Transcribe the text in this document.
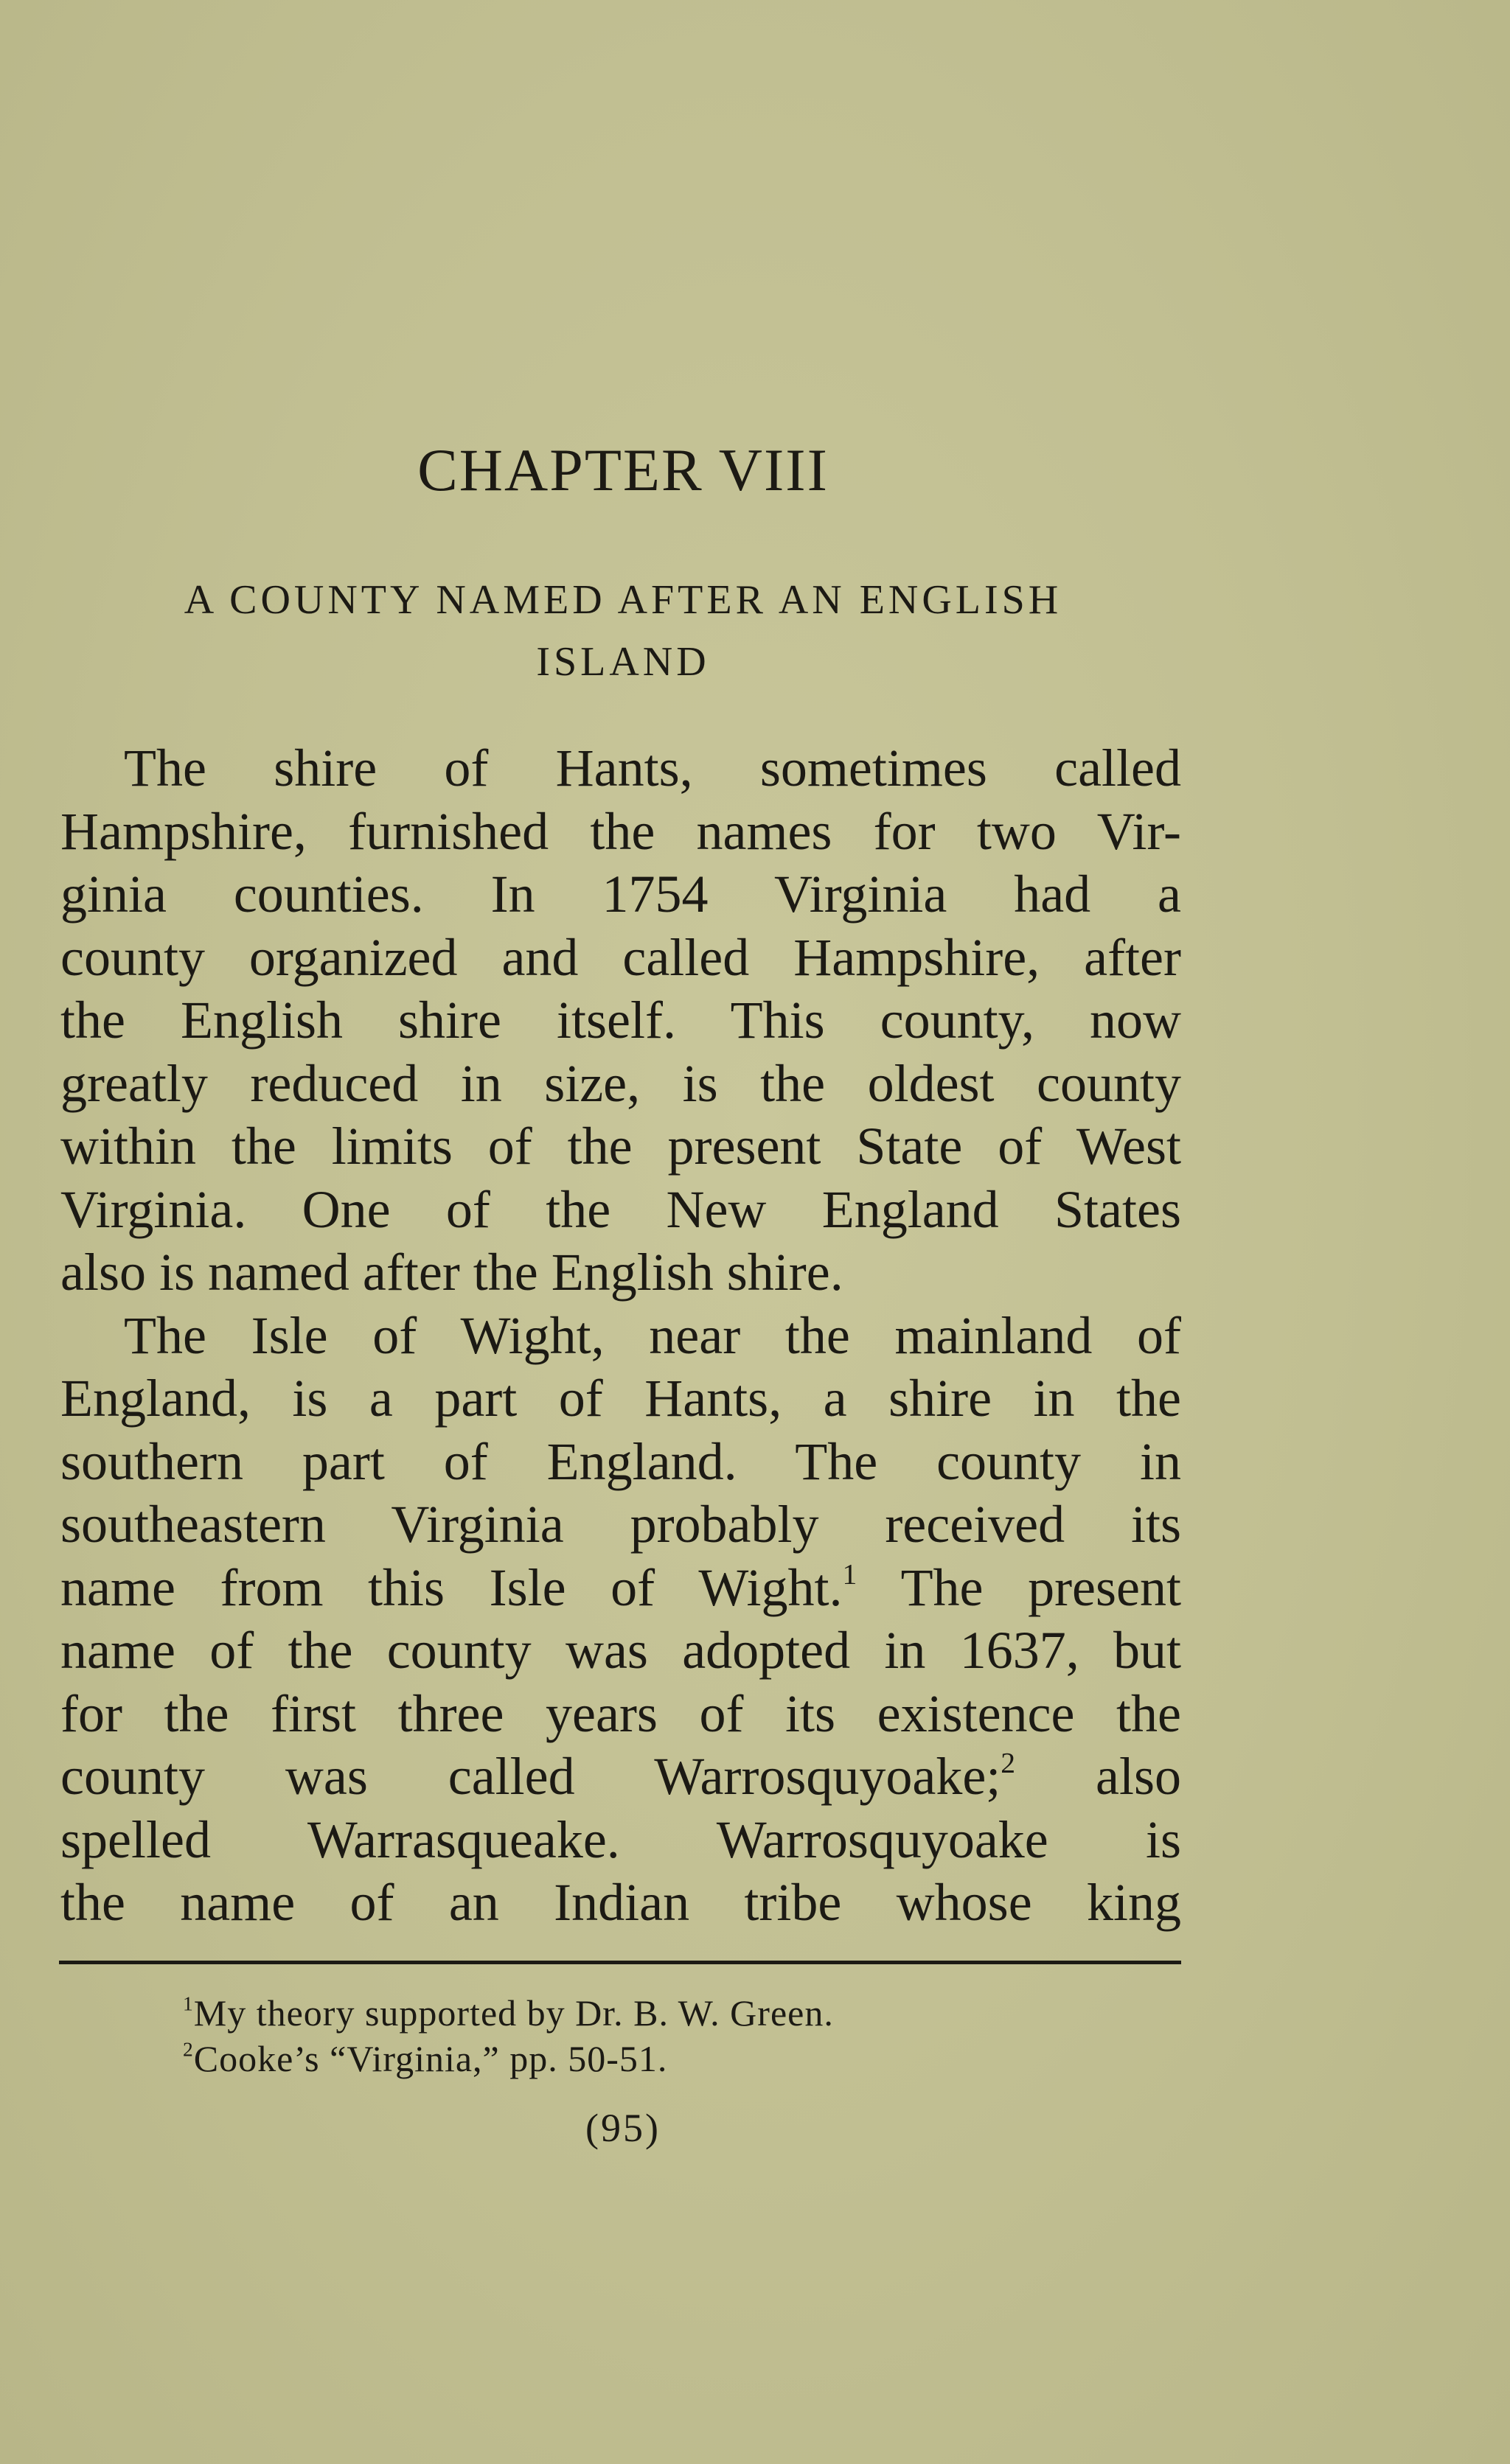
CHAPTER VIII
A COUNTY NAMED AFTER AN ENGLISH
ISLAND
The shire of Hants, sometimes called
Hampshire, furnished the names for two Vir-
ginia counties. In 1754 Virginia had a
county organized and called Hampshire, after
the English shire itself. This county, now
greatly reduced in size, is the oldest county
within the limits of the present State of West
Virginia. One of the New England States
also is named after the English shire.
The Isle of Wight, near the mainland of
England, is a part of Hants, a shire in the
southern part of England. The county in
southeastern Virginia probably received its
name from this Isle of Wight.$^1$ The present
name of the county was adopted in 1637, but
for the first three years of its existence the
county was called Warrosquyoake;$^2$ also
spelled Warrasqueake. Warrosquyoake is
the name of an Indian tribe whose king
$^1$My theory supported by Dr. B. W. Green.
$^2$Cooke’s “Virginia,” pp. 50-51.
(95)
